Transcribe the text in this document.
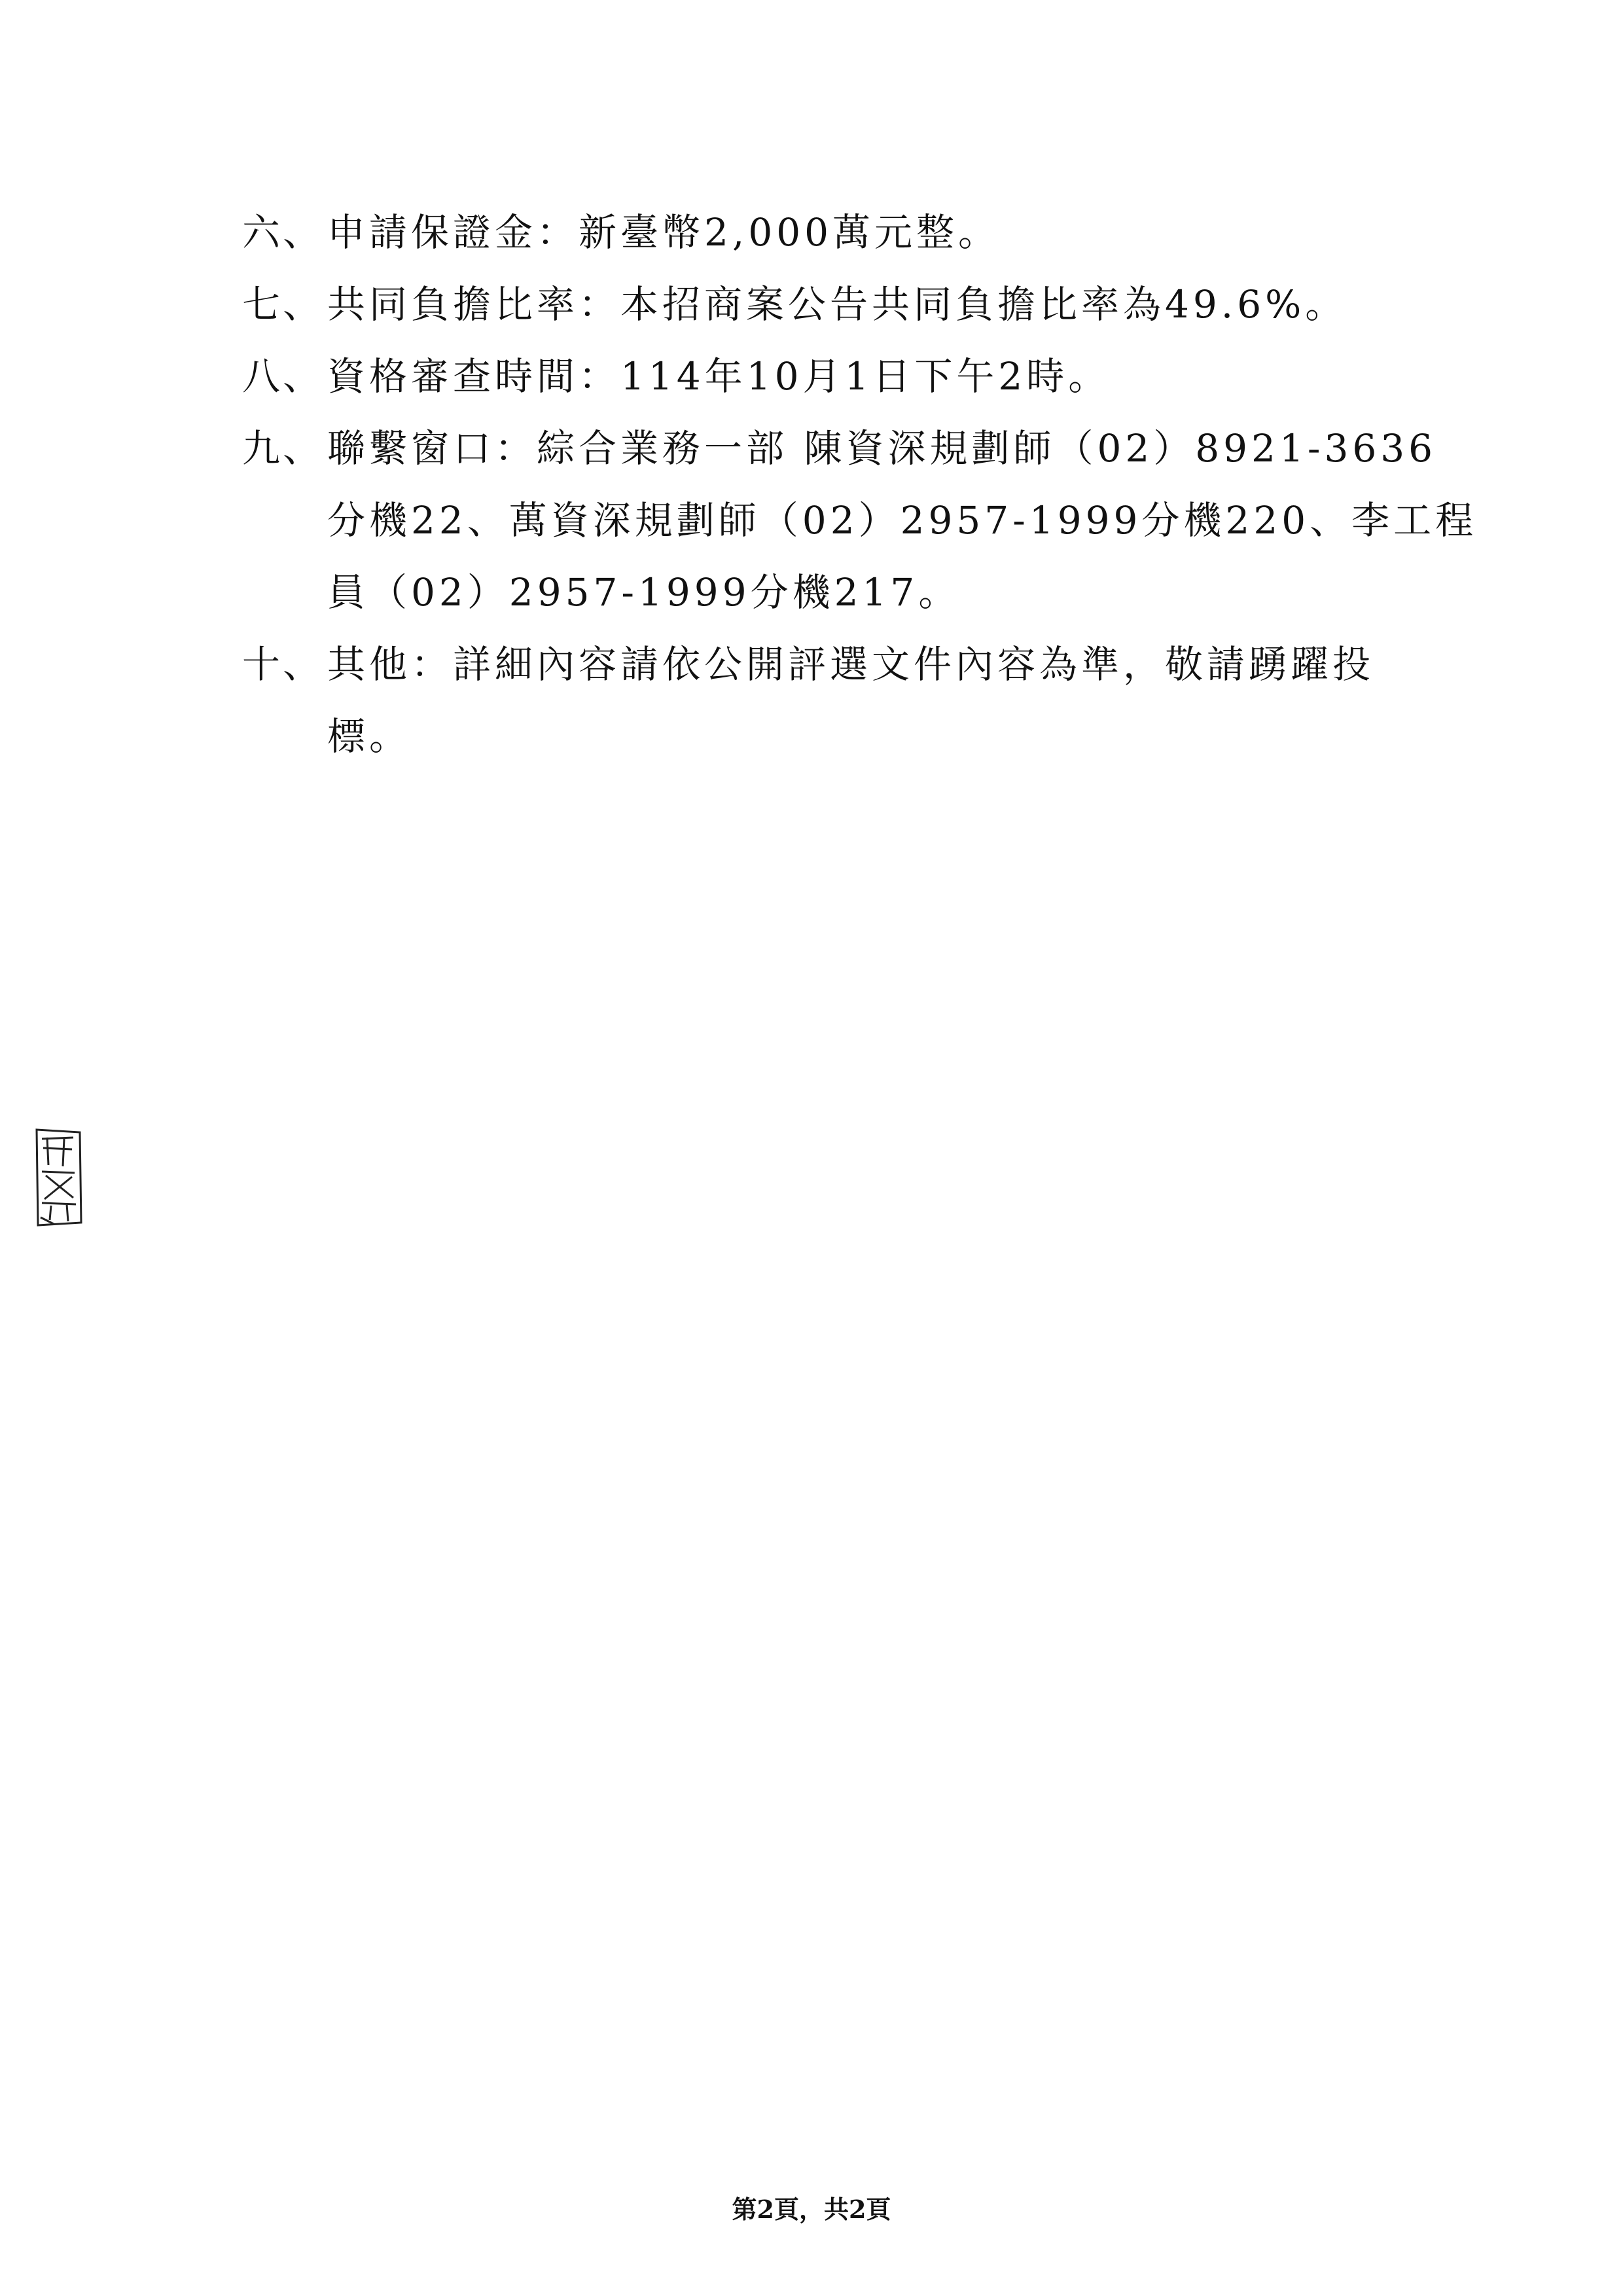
六、 申請保證金：新臺幣2,000萬元整。
七、 共同負擔比率：本招商案公告共同負擔比率為49.6%。
八、 資格審查時間：114年10月1日下午2時。
九、 聯繫窗口：綜合業務一部 陳資深規劃師（02）8921-3636
分機22、萬資深規劃師（02）2957-1999分機220、李工程
員（02）2957-1999分機217。
十、 其他：詳細內容請依公開評選文件內容為準，敬請踴躍投
標。
第2頁，共2頁
